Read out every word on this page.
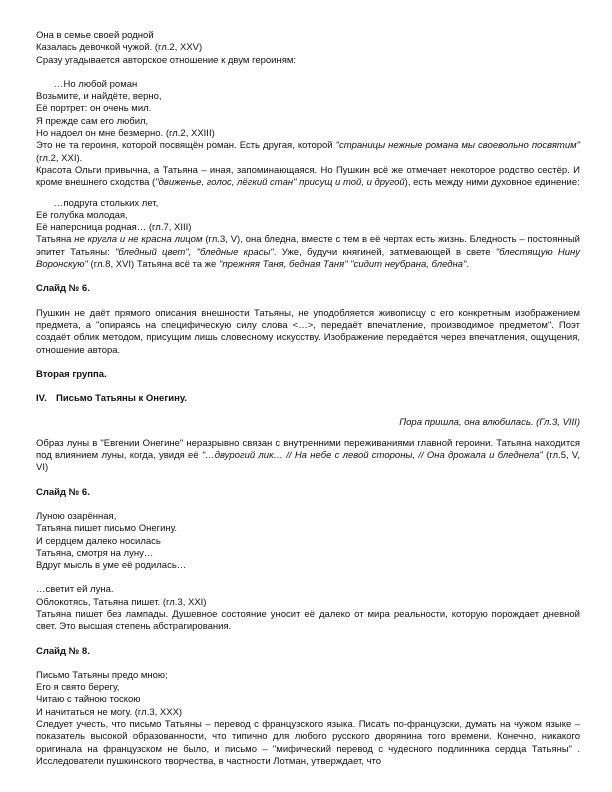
Она в семье своей родной

Казалась девочкой чужой. (гл.2, XXV)

Сразу угадывается авторское отношение к двум героиням:

…Но любой роман

Возьмите, и найдёте, верно,

Её портрет: он очень мил.

Я прежде сам его любил,

Но надоел он мне безмерно. (гл.2, XXIII)

Это не та героиня, которой посвящён роман. Есть другая, которой "страницы нежные романа мы своевольно посвятим" (гл.2, XXI).

Красота Ольги привычна, а Татьяна – иная, запоминающаяся. Но Пушкин всё же отмечает некоторое родство сестёр. И кроме внешнего сходства ("движенье, голос, лёгкий стан" присущ и той, и другой), есть между ними духовное единение:

…подруга стольких лет,

Её голубка молодая,

Её наперсница родная… (гл.7, XIII)

Татьяна не кругла и не красна лицом (гл.3, V), она бледна, вместе с тем в её чертах есть жизнь. Бледность – постоянный эпитет Татьяны: "бледный цвет", "бледные красы". Уже, будучи княгиней, затмевающей в свете "блестящую Нину Воронскую" (гл.8, XVI) Татьяна всё та же "прежняя Таня, бедная Таня" "сидит неубрана, бледна".

Слайд № 6.

Пушкин не даёт прямого описания внешности Татьяны, не уподобляется живописцу с его конкретным изображением предмета, а "опираясь на специфическую силу слова <…>, передаёт впечатление, производимое предметом". Поэт создаёт облик методом, присущим лишь словесному искусству. Изображение передаётся через впечатления, ощущения, отношение автора.

Вторая группа.

IV. Письмо Татьяны к Онегину.

Пора пришла, она влюбилась. (Гл.3, VIII)

Образ луны в "Евгении Онегине" неразрывно связан с внутренними переживаниями главной героини. Татьяна находится под влиянием луны, когда, увидя её "…двурогий лик… // На небе с левой стороны, // Она дрожала и бледнела" (гл.5, V, VI)

Слайд № 6.

Луною озарённая,

Татьяна пишет письмо Онегину.

И сердцем далеко носилась

Татьяна, смотря на луну…

Вдруг мысль в уме её родилась…

…светит ей луна.

Облокотясь, Татьяна пишет. (гл.3, XXI)

Татьяна пишет без лампады. Душевное состояние уносит её далеко от мира реальности, которую порождает дневной свет. Это высшая степень абстрагирования.

Слайд № 8.

Письмо Татьяны предо мною;

Его я свято берегу,

Читаю с тайною тоскою

И начитаться не могу. (гл.3, XXX)

Следует учесть, что письмо Татьяны – перевод с французского языка. Писать по-французски, думать на чужом языке – показатель высокой образованности, что типично для любого русского дворянина того времени. Конечно, никакого оригинала на французском не было, и письмо – "мифический перевод с чудесного подлинника сердца Татьяны" . Исследователи пушкинского творчества, в частности Лотман, утверждает, что
